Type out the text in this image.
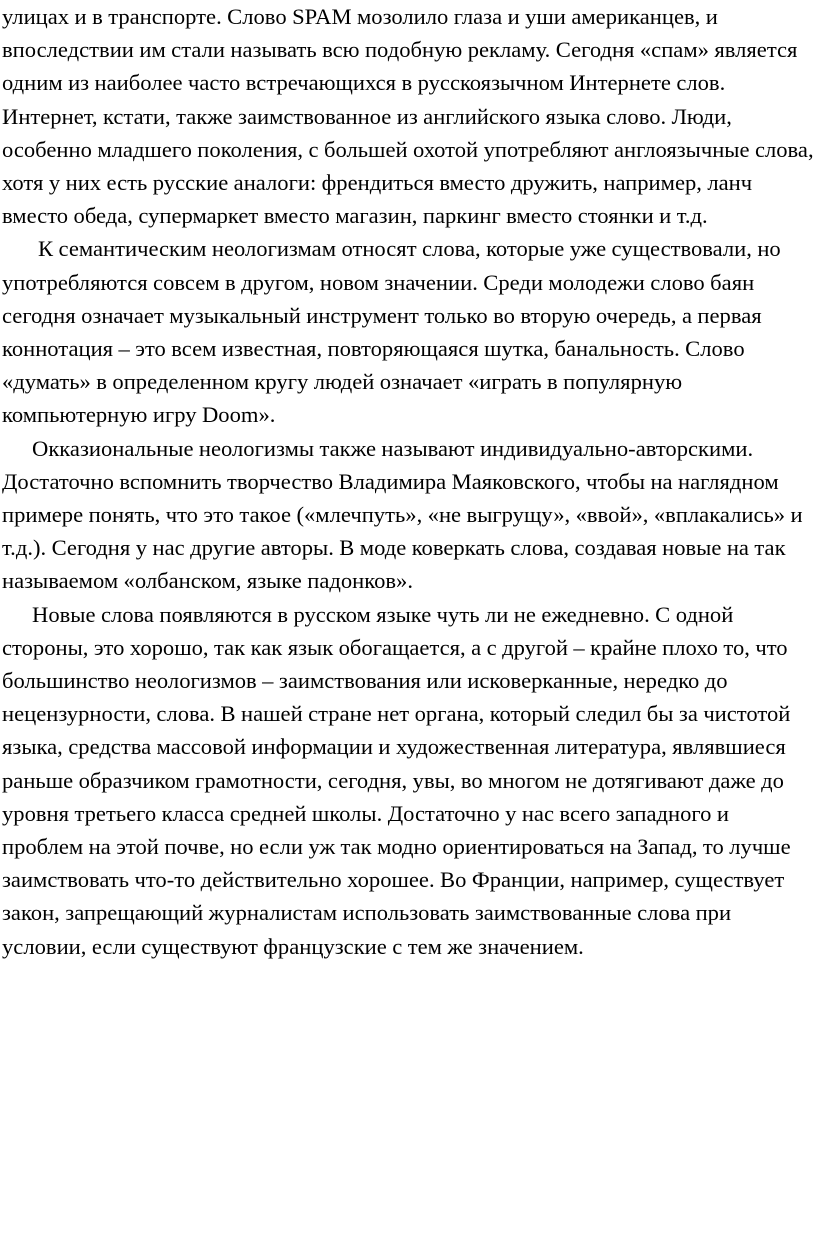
улицах и в транспорте. Слово SPAM мозолило глаза и уши американцев, и впоследствии им стали называть всю подобную рекламу. Сегодня «спам» является одним из наиболее часто встречающихся в русскоязычном Интернете слов. Интернет, кстати, также заимствованное из английского языка слово. Люди, особенно младшего поколения, с большей охотой употребляют англоязычные слова, хотя у них есть русские аналоги: френдиться вместо дружить, например, ланч вместо обеда, супермаркет вместо магазин, паркинг вместо стоянки и т.д.

К семантическим неологизмам относят слова, которые уже существовали, но употребляются совсем в другом, новом значении. Среди молодежи слово баян сегодня означает музыкальный инструмент только во вторую очередь, а первая коннотация – это всем известная, повторяющаяся шутка, банальность. Слово «думать» в определенном кругу людей означает «играть в популярную компьютерную игру Doom».

Окказиональные неологизмы также называют индивидуально-авторскими. Достаточно вспомнить творчество Владимира Маяковского, чтобы на наглядном примере понять, что это такое («млечпуть», «не выгрущу», «ввой», «вплакались» и т.д.). Сегодня у нас другие авторы. В моде коверкать слова, создавая новые на так называемом «олбанском, языке падонков».

Новые слова появляются в русском языке чуть ли не ежедневно. С одной стороны, это хорошо, так как язык обогащается, а с другой – крайне плохо то, что большинство неологизмов – заимствования или исковерканные, нередко до нецензурности, слова. В нашей стране нет органа, который следил бы за чистотой языка, средства массовой информации и художественная литература, являвшиеся раньше образчиком грамотности, сегодня, увы, во многом не дотягивают даже до уровня третьего класса средней школы. Достаточно у нас всего западного и проблем на этой почве, но если уж так модно ориентироваться на Запад, то лучше заимствовать что-то действительно хорошее. Во Франции, например, существует закон, запрещающий журналистам использовать заимствованные слова при условии, если существуют французские с тем же значением.
